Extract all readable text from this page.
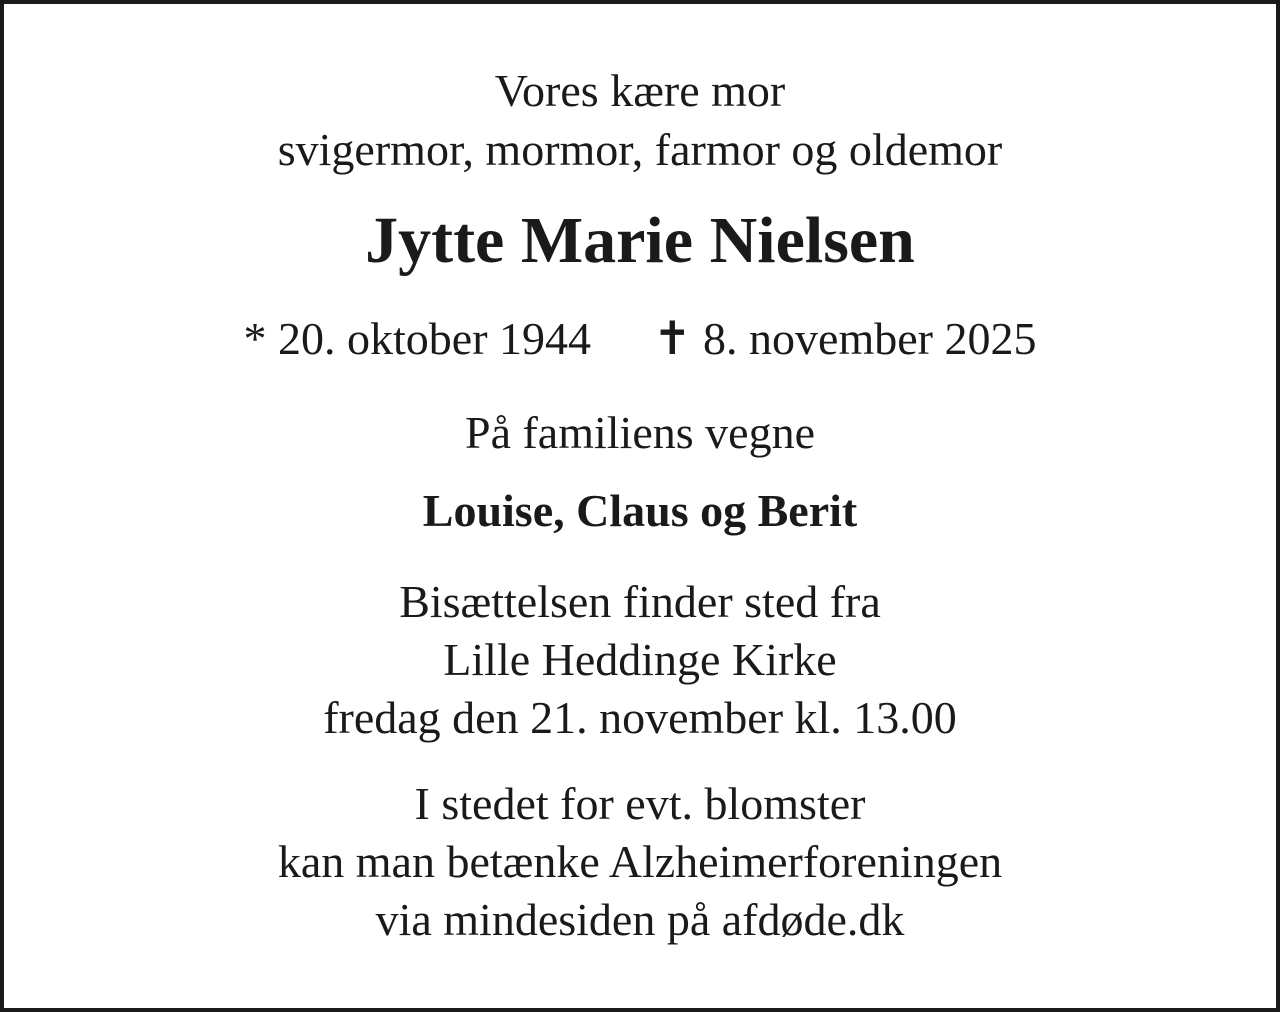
Vores kære mor
svigermor, mormor, farmor og oldemor
Jytte Marie Nielsen
* 20. oktober 1944 ✝ 8. november 2025
På familiens vegne
Louise, Claus og Berit
Bisættelsen finder sted fra
Lille Heddinge Kirke
fredag den 21. november kl. 13.00
I stedet for evt. blomster
kan man betænke Alzheimerforeningen
via mindesiden på afdøde.dk
